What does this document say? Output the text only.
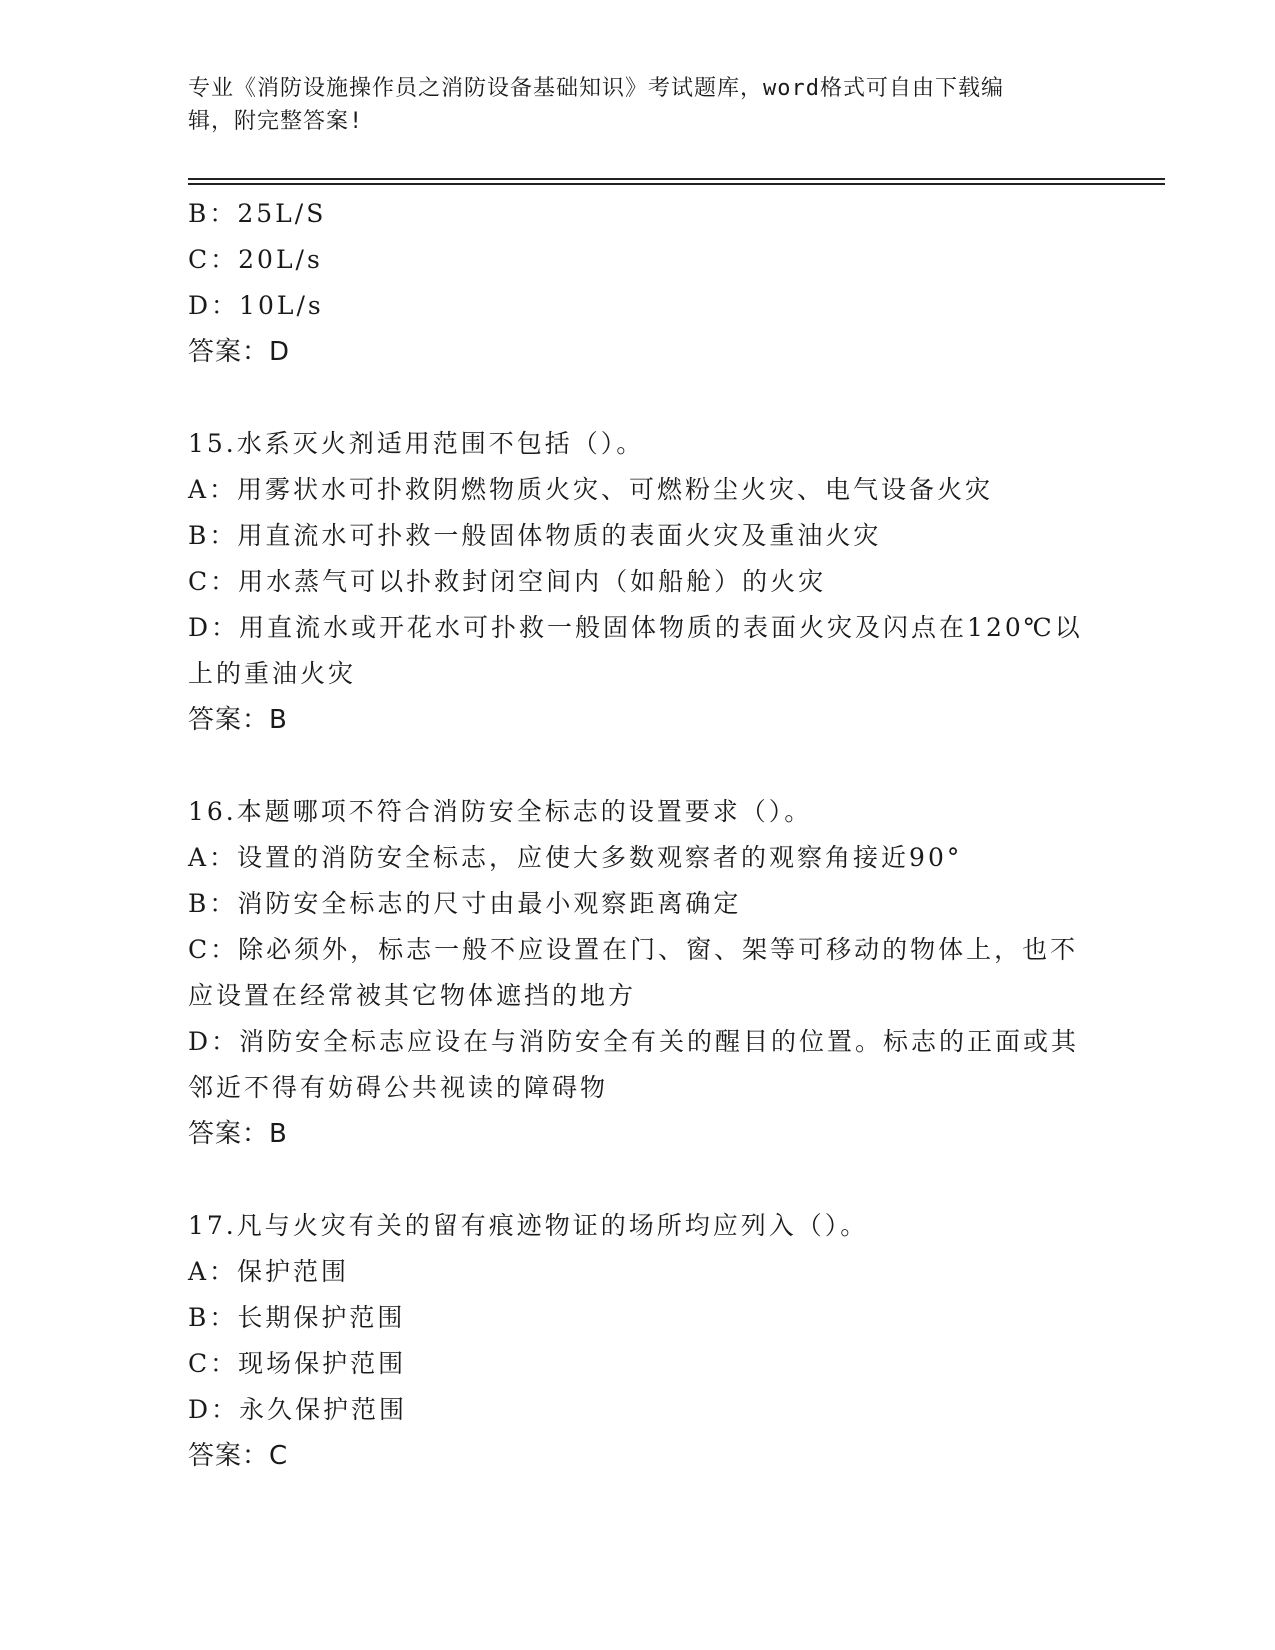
专业《消防设施操作员之消防设备基础知识》考试题库，word格式可自由下载编
辑，附完整答案!
B：25L/S
C：20L/s
D：10L/s
答案：D
15.水系灭火剂适用范围不包括（）。
A：用雾状水可扑救阴燃物质火灾、可燃粉尘火灾、电气设备火灾
B：用直流水可扑救一般固体物质的表面火灾及重油火灾
C：用水蒸气可以扑救封闭空间内（如船舱）的火灾
D：用直流水或开花水可扑救一般固体物质的表面火灾及闪点在120℃以上的重油火灾
答案：B
16.本题哪项不符合消防安全标志的设置要求（）。
A：设置的消防安全标志，应使大多数观察者的观察角接近90°
B：消防安全标志的尺寸由最小观察距离确定
C：除必须外，标志一般不应设置在门、窗、架等可移动的物体上，也不应设置在经常被其它物体遮挡的地方
D：消防安全标志应设在与消防安全有关的醒目的位置。标志的正面或其邻近不得有妨碍公共视读的障碍物
答案：B
17.凡与火灾有关的留有痕迹物证的场所均应列入（）。
A：保护范围
B：长期保护范围
C：现场保护范围
D：永久保护范围
答案：C
